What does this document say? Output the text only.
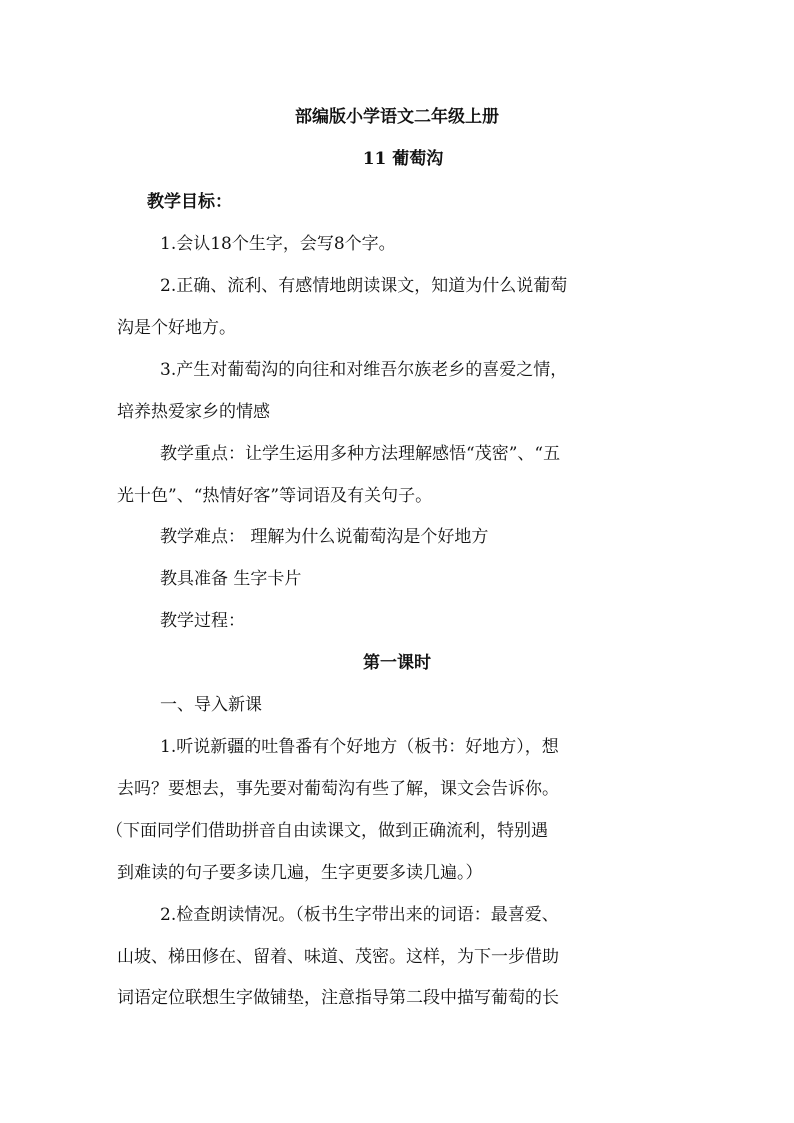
部编版小学语文二年级上册

11 葡萄沟

教学目标：

1.会认18个生字，会写8个字。

2.正确、流利、有感情地朗读课文，知道为什么说葡萄

沟是个好地方。

3.产生对葡萄沟的向往和对维吾尔族老乡的喜爱之情，

培养热爱家乡的情感

教学重点：让学生运用多种方法理解感悟“茂密”、“五

光十色”、“热情好客”等词语及有关句子。

教学难点： 理解为什么说葡萄沟是个好地方

教具准备 生字卡片

教学过程：

第一课时

一、导入新课

1.听说新疆的吐鲁番有个好地方（板书：好地方），想

去吗？要想去，事先要对葡萄沟有些了解，课文会告诉你。

（下面同学们借助拼音自由读课文，做到正确流利，特别遇

到难读的句子要多读几遍，生字更要多读几遍。）

2.检查朗读情况。（板书生字带出来的词语：最喜爱、

山坡、梯田修在、留着、味道、茂密。这样，为下一步借助

词语定位联想生字做铺垫，注意指导第二段中描写葡萄的长
